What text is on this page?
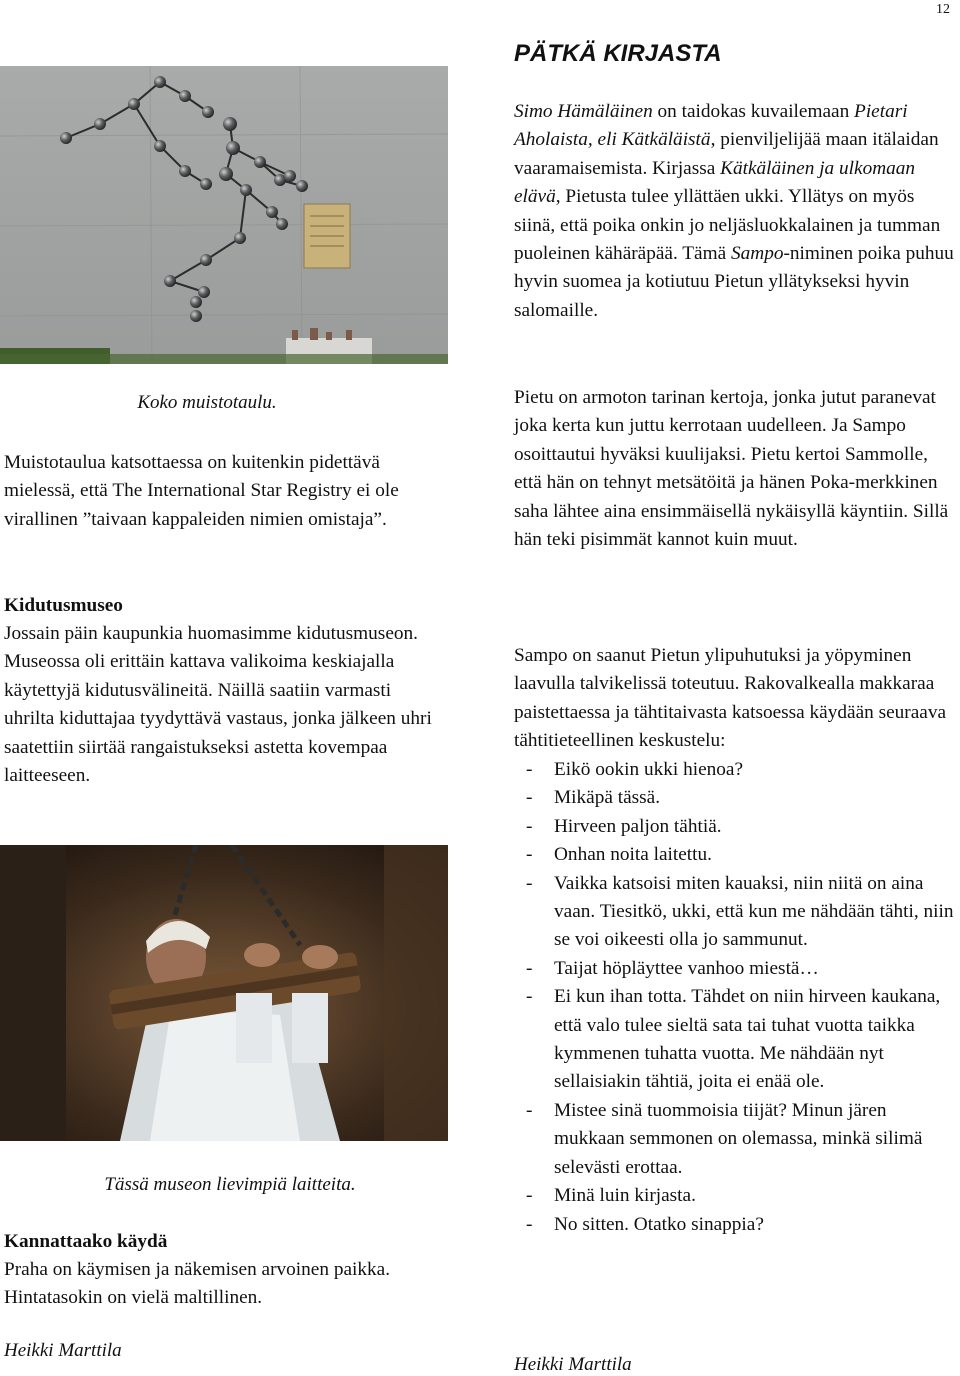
12
Koko muistotaulu.

Muistotaulua katsottaessa on kuitenkin pidettävä mielessä, että The International Star Registry ei ole virallinen ”taivaan kappaleiden nimien omistaja”.

Kidutusmuseo

Jossain päin kaupunkia huomasimme kidutusmuseon. Museossa oli erittäin kattava valikoima keskiajalla käytettyjä kidutusvälineitä. Näillä saatiin varmasti uhrilta kiduttajaa tyydyttävä vastaus, jonka jälkeen uhri saatettiin siirtää rangaistukseksi astetta kovempaa laitteeseen.

Tässä museon lievimpiä laitteita.

Kannattaako käydä

Praha on käymisen ja näkemisen arvoinen paikka. Hintatasokin on vielä maltillinen.

Heikki Marttila
PÄTKÄ KIRJASTA

Simo Hämäläinen on taidokas kuvailemaan Pietari Aholaista, eli Kätkäläistä, pienviljelijää maan itälaidan vaaramaisemista. Kirjassa Kätkäläinen ja ulkomaan elävä, Pietusta tulee yllättäen ukki. Yllätys on myös siinä, että poika onkin jo neljäsluokkalainen ja tumman puoleinen kähäräpää. Tämä Sampo-niminen poika puhuu hyvin suomea ja kotiutuu Pietun yllätykseksi hyvin salomaille.

Pietu on armoton tarinan kertoja, jonka jutut paranevat joka kerta kun juttu kerrotaan uudelleen. Ja Sampo osoittautui hyväksi kuulijaksi. Pietu kertoi Sammolle, että hän on tehnyt metsätöitä ja hänen Poka-merkkinen saha lähtee aina ensimmäisellä nykäisyllä käyntiin. Sillä hän teki pisimmät kannot kuin muut.

Sampo on saanut Pietun ylipuhutuksi ja yöpyminen laavulla talvikelissä toteutuu. Rakovalkealla makkaraa paistettaessa ja tähtitaivasta katsoessa käydään seuraava tähtitieteellinen keskustelu:

- Eikö ookin ukki hienoa?
- Mikäpä tässä.
- Hirveen paljon tähtiä.
- Onhan noita laitettu.
- Vaikka katsoisi miten kauaksi, niin niitä on aina vaan. Tiesitkö, ukki, että kun me nähdään tähti, niin se voi oikeesti olla jo sammunut.
- Taijat höpläyttee vanhoo miestä…
- Ei kun ihan totta. Tähdet on niin hirveen kaukana, että valo tulee sieltä sata tai tuhat vuotta taikka kymmenen tuhatta vuotta. Me nähdään nyt sellaisiakin tähtiä, joita ei enää ole.
- Mistee sinä tuommoisia tiijät? Minun jären mukkaan semmonen on olemassa, minkä silimä selevästi erottaa.
- Minä luin kirjasta.
- No sitten. Otatko sinappia?
Heikki Marttila
